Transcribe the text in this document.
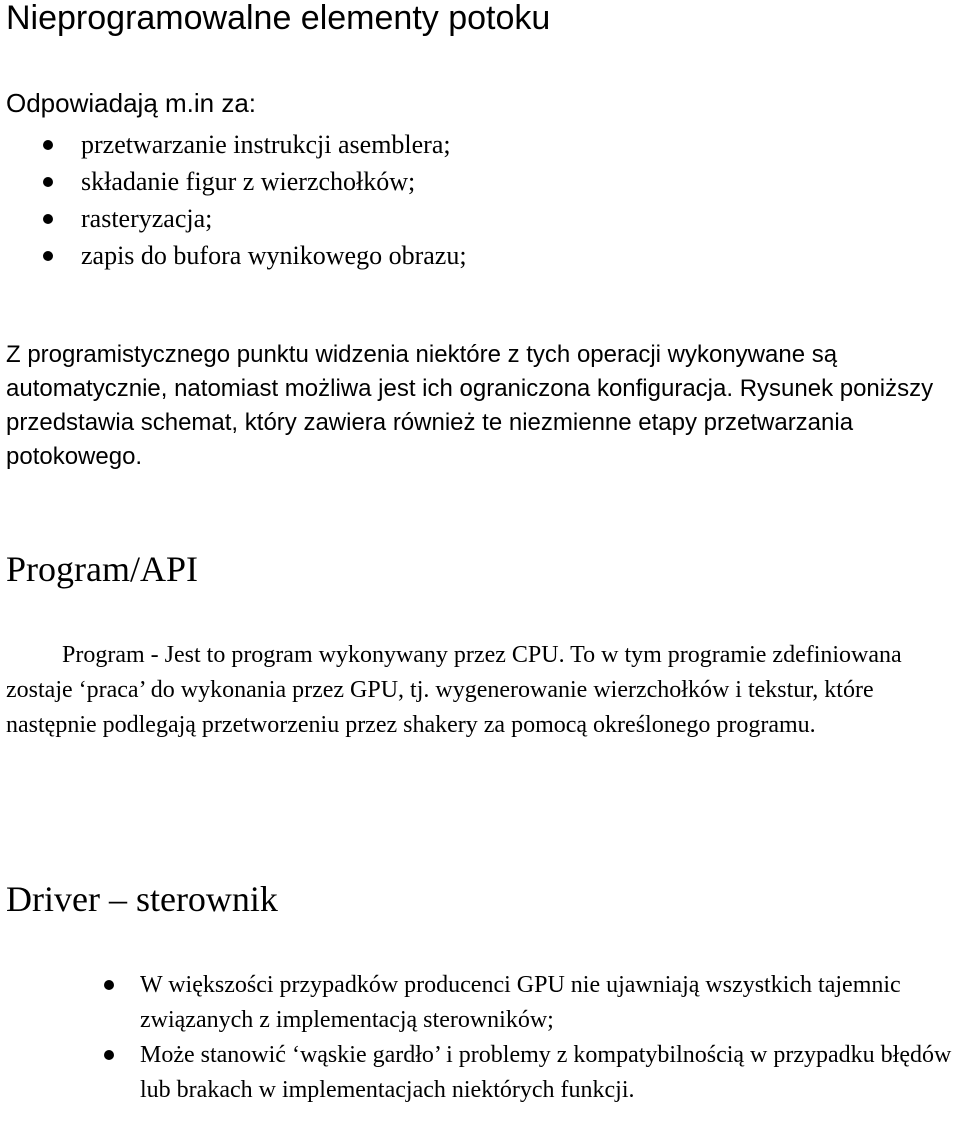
Nieprogramowalne elementy potoku
Odpowiadają m.in za:
przetwarzanie instrukcji asemblera;
składanie figur z wierzchołków;
rasteryzacja;
zapis do bufora wynikowego obrazu;
Z programistycznego punktu widzenia niektóre z tych operacji wykonywane są automatycznie, natomiast możliwa jest ich ograniczona konfiguracja. Rysunek poniższy przedstawia schemat, który zawiera również te niezmienne etapy przetwarzania potokowego.
Program/API
Program - Jest to program wykonywany przez CPU. To w tym programie zdefiniowana zostaje ‘praca’ do wykonania przez GPU, tj. wygenerowanie wierzchołków i tekstur, które następnie podlegają przetworzeniu przez shakery za pomocą określonego programu.
Driver – sterownik
W większości przypadków producenci GPU nie ujawniają wszystkich tajemnic związanych z implementacją sterowników;
Może stanowić ‘wąskie gardło’ i problemy z kompatybilnością w przypadku błędów lub brakach w implementacjach niektórych funkcji.
